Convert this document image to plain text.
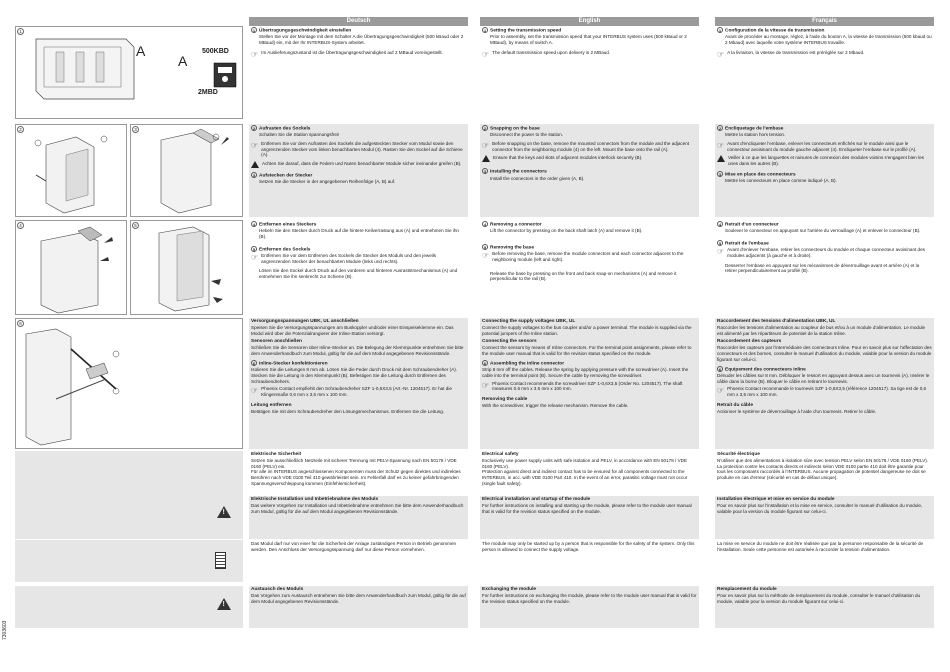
Deutsch	English	Français
1
A
A
500KBD
2MBD
2	3
4	5
6
!
!
7303603
1 Übertragungsgeschwindigkeit einstellen
Stellen Sie vor der Montage mit dem Schalter A die Übertragungsgeschwindigkeit (500 kBaud oder 2 MBaud) ein, mit der Ihr INTERBUS-System arbeitet.
☞ Im Auslieferungszustand ist die Übertragungsgeschwindigkeit auf 2 MBaud voreingestellt.
2 Aufrasten des Sockels
Schalten Sie die Station spannungsfrei!
☞ Entfernen Sie vor dem Aufrasten des Sockels die aufgesteckten Stecker vom Modul sowie den angrenzenden Stecker vom linken benachbarten Modul (4). Rasten Sie den Sockel auf die Schiene (A).
Achten Sie darauf, dass die Federn und Nuten benachbarter Module sicher ineinander greifen (B).
3 Aufstecken der Stecker
Setzen Sie die Stecker in der angegebenen Reihenfolge (A, B) auf.
4 Entfernen eines Steckers
Hebeln Sie den Stecker durch Druck auf die hintere Keilverrastung aus (A) und entnehmen Sie ihn (B).
5 Entfernen des Sockels
☞ Entfernen Sie vor dem Entfernen des Sockels die Stecker des Moduls und den jeweils angrenzenden Stecker der benachbarten Module (links und rechts).
Lösen Sie den Sockel durch Druck auf den vorderen und hinteren Ausraststmechanismus (A) und entnehmen Sie ihn senkrecht zur Schiene (B).
Versorgungsspannungen UBK, UL anschließen
Speisen Sie die Versorgungsspannungen am Buskoppler und/oder einer Einspeiseklemme ein. Das Modul wird über die Potenzialrangierer der Inline-Station versorgt.
Sensoren anschließen
Schließen Sie die Sensoren über Inline-Stecker an. Die Belegung der Klemmpunkte entnehmen Sie bitte dem Anwenderhandbuch zum Modul, gültig für die auf dem Modul angegebenen Revisionsstände.
6 Inline-Stecker konfektionieren
Isolieren Sie die Leitungen 8 mm ab. Lösen Sie die Feder durch Druck mit dem Schraubendreher (A). Stecken Sie die Leitung in den Klemmpunkt (B). Befestigen Sie die Leitung durch Entfernen des Schraubendrehers.
☞ Phoenix Contact empfiehlt den Schraubendreher SZF 1-0,6X3,5 (Art.-Nr. 1204517). Er hat die Klingenmaße 0,6 mm x 3,5 mm x 100 mm.
Leitung entfernen
Betätigen Sie mit dem Schraubendreher den Lösungsmechanismus. Entfernen Sie die Leitung.
Elektrische Sicherheit
Setzen Sie ausschließlich Netzteile mit sicherer Trennung mit PELV-Spannung nach EN 50178 / VDE 0160 (PELV) ein.
Für alle im INTERBUS angeschlossenen Komponenten muss der Schutz gegen direktes und indirektes Berühren nach VDE 0100 Teil 410 gewährleistet sein. Im Fehlerfall darf es zu keiner gefahrbringenden Spannungsverschleppung kommen (Einfehlersicherheit).
Elektrische Installation und Inbetriebnahme des Moduls
Das weitere Vorgehen zur Installation und Inbetriebnahme entnehmen Sie bitte dem Anwenderhandbuch zum Modul, gültig für die auf dem Modul angegebenen Revisionsstände.
Das Modul darf nur von einer für die Sicherheit der Anlage zuständigen Person in Betrieb genommen werden. Den Anschluss der Versorgungsspannung darf nur diese Person vornehmen.
Austausch des Moduls
Das Vorgehen zum Austausch entnehmen Sie bitte dem Anwenderhandbuch zum Modul, gültig für die auf dem Modul angegebenen Revisionsstände.
1 Setting the transmission speed
Prior to assembly, set the transmission speed that your INTERBUS system uses (500 kBaud or 2 MBaud), by means of switch A.
☞ The default transmission speed upon delivery is 2 MBaud.
2 Snapping on the base
Disconnect the power to the station.
☞ Before snapping on the base, remove the mounted connectors from the module and the adjacent connector from the neighboring module (4) on the left. Mount the base onto the rail (A).
Ensure that the keys and slots of adjacent modules interlock securely (B).
3 Installing the connectors
Install the connectors in the order given (A, B).
4 Removing a connector
Lift the connector by pressing on the back shaft latch (A) and remove it (B).
5 Removing the base
☞ Before removing the base, remove the module connectors and each connector adjacent to the neighboring module (left and right).
Release the base by pressing on the front and back snap-on mechanisms (A) and remove it perpendicular to the rail (B).
Connecting the supply voltages UBK, UL
Connect the supply voltages to the bus coupler and/or a power terminal. The module is supplied via the potential jumpers of the Inline station.
Connecting the sensors
Connect the sensors by means of Inline connectors. For the terminal point assignments, please refer to the module user manual that is valid for the revision status specified on the module.
6 Assembling the Inline connector
Strip 8 mm off the cables. Release the spring by applying pressure with the screwdriver (A). Insert the cable into the terminal point (B). Secure the cable by removing the screwdriver.
☞ Phoenix Contact recommends the screwdriver SZF 1-0,6X3,5 (Order No. 1204517). The shaft measures 0.6 mm x 3.5 mm x 100 mm.
Removing the cable
With the screwdriver, trigger the release mechanism. Remove the cable.
Electrical safety
Exclusively use power supply units with safe isolation and PELV, in accordance with EN 50178 / VDE 0160 (PELV).
Protection against direct and indirect contact has to be ensured for all components connected to the INTERBUS, in acc. with VDE 0100 Part 410. In the event of an error, parasitic voltage must not occur (single fault safety).
Electrical installation and startup of the module
For further instructions on installing and starting up the module, please refer to the module user manual that is valid for the revision status specified on the module.
The module may only be started up by a person that is responsible for the safety of the system. Only this person is allowed to connect the supply voltage.
Exchanging the module
For further instructions on exchanging the module, please refer to the module user manual that is valid for the revision status specified on the module.
1 Configuration de la vitesse de transmission
Avant de procéder au montage, réglez, à l'aide du bouton A, la vitesse de transmission (500 kbaud ou 2 Mbaud) avec laquelle votre système INTERBUS travaille.
☞ A la livraison, la vitesse de transmission est préréglée sur 2 Mbaud.
2 Encliquetage de l'embase
Mettre la station hors tension.
☞ Avant d'encliqueter l'embase, enlever les connecteurs enfichés sur le module ainsi que le connecteur avoisinant du module gauche adjacent (4). Encliqueter l'embase sur le profilé (A).
Veiller à ce que les languettes et rainures de connexion des modules voisins s'engagent bien les unes dans les autres (B).
3 Mise en place des connecteurs
Mettre les connecteurs en place comme indiqué (A, B).
4 Retrait d'un connecteur
Soulever le connecteur en appuyant sur l'arrière du verrouillage (A) et enlever le connecteur (B).
5 Retrait de l'embase
☞ Avant d'enlever l'embase, retirer les connecteurs du module et chaque connecteur avoisinant des modules adjacents (à gauche et à droite).
Desserrer l'embase en appuyant sur les mécanismes de déverrouillage avant et arrière (A) et la retirer perpendiculairement au profilé (B).
Raccordement des tensions d'alimentation UBK, UL
Raccorder les tensions d'alimentation au coupleur de bus et/ou à un module d'alimentation. Le module est alimenté par les répartiteurs de potentiel de la station Inline.
Raccordement des capteurs
Raccorder les capteurs par l'intermédiaire des connecteurs Inline. Pour en savoir plus sur l'affectation des connecteurs et des bornes, consulter le manuel d'utilisation du module, valable pour la version du module figurant sur celui-ci.
6 Equipement des connecteurs Inline
Dénuder les câbles sur 8 mm. Débloquer le ressort en appuyant dessus avec un tournevis (A). Insérer le câble dans la borne (B). Bloquer le câble en retirant le tournevis.
☞ Phoenix Contact recommande le tournevis SZF 1-0,6X3,5 (référence 1204517). Sa tige est de 0,6 mm x 3,5 mm x 100 mm.
Retrait du câble
Actionner le système de déverrouillage à l'aide d'un tournevis. Retirer le câble.
Sécurité électrique
N'utiliser que des alimentations à isolation sûre avec tension PELV selon EN 50178 / VDE 0160 (PELV).
La protection contre les contacts directs et indirects selon VDE 0100 partie 410 doit être garantie pour tous les composants raccordés à l'INTERBUS. Aucune propagation de potentiel dangereuse ne doit se produire en cas d'erreur (sécurité en cas de défaut unique).
Installation électrique et mise en service du module
Pour en savoir plus sur l'installation et la mise en service, consulter le manuel d'utilisation du module, valable pour la version du module figurant sur celui-ci.
La mise en service du module ne doit être réalisée que par la personne responsable de la sécurité de l'installation. Seule cette personne est autorisée à raccorder la tension d'alimentation.
Remplacement du module
Pour en savoir plus sur la méthode de remplacement du module, consulter le manuel d'utilisation du module, valable pour la version du module figurant sur celui-ci.
